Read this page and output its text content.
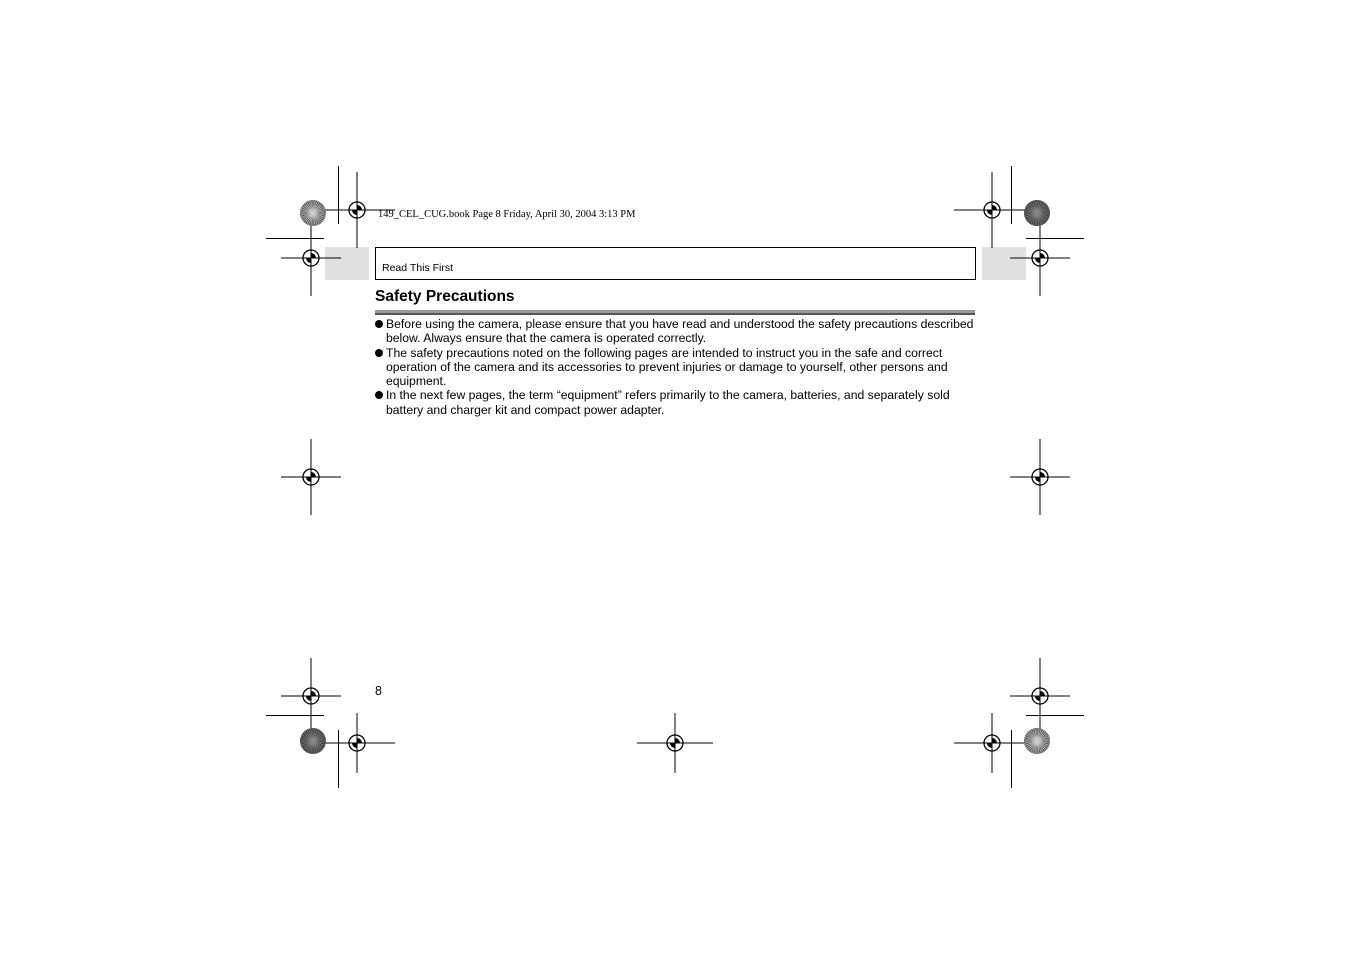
149_CEL_CUG.book Page 8 Friday, April 30, 2004 3:13 PM
Read This First
Safety Precautions
Before using the camera, please ensure that you have read and understood the safety precautions described below. Always ensure that the camera is operated correctly.
The safety precautions noted on the following pages are intended to instruct you in the safe and correct operation of the camera and its accessories to prevent injuries or damage to yourself, other persons and equipment.
In the next few pages, the term “equipment” refers primarily to the camera, batteries, and separately sold battery and charger kit and compact power adapter.
8
